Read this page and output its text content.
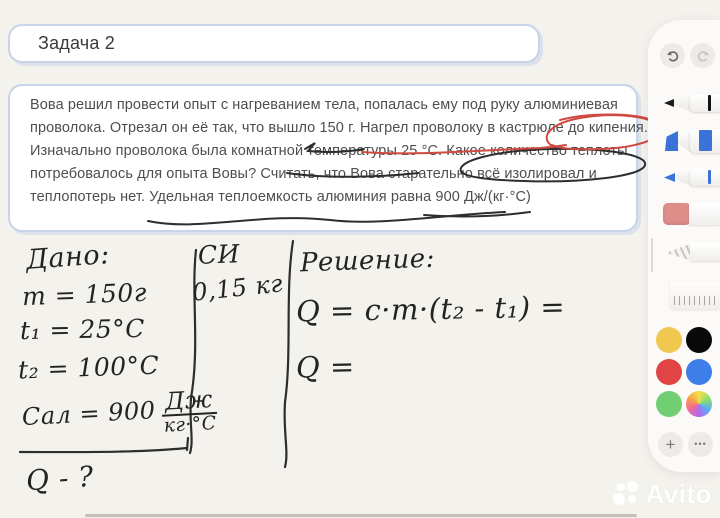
Задача 2

Вова решил провести опыт с нагреванием тела, попалась ему под руку алюминиевая

проволока. Отрезал он её так, что вышло 150 г. Нагрел проволоку в кастрюле до кипения.

Изначально проволока была комнатной температуры 25 °C. Какое количество теплоты

потребовалось для опыта Вовы? Считать, что Вова старательно всё изолировал и

теплопотерь нет. Удельная теплоемкость алюминия равна 900 Дж/(кг·°C)

Дано:
m = 150г
t₁ = 25°C
t₂ = 100°C
Cал = $900 \frac{Дж}{кг\cdot^\circ C}$
СИ
0,15 кг
Решение:
Q = c·m·(t₂ - t₁) =
Q =
Q - ?
+ •••
Avito
